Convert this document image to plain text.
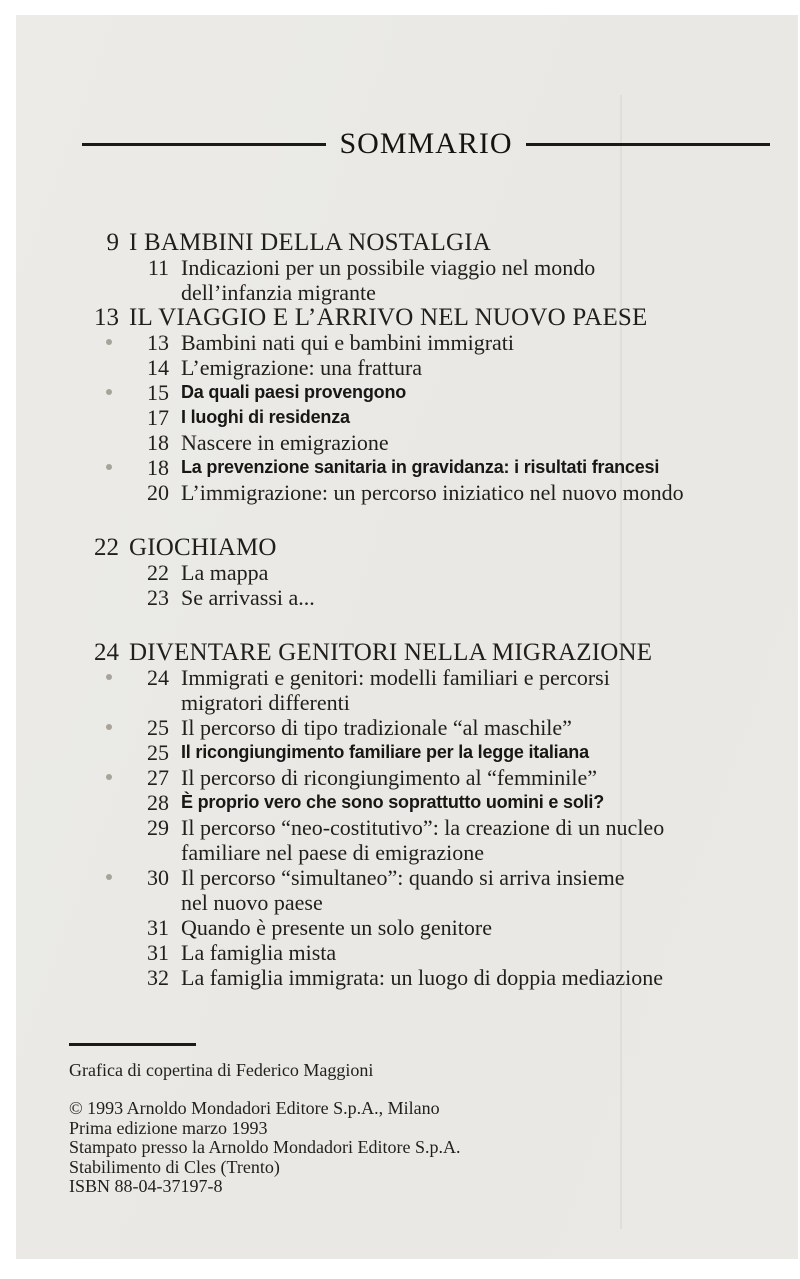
SOMMARIO
9 I BAMBINI DELLA NOSTALGIA
11 Indicazioni per un possibile viaggio nel mondo
dell’infanzia migrante
13 IL VIAGGIO E L’ARRIVO NEL NUOVO PAESE
13 Bambini nati qui e bambini immigrati
14 L’emigrazione: una frattura
15 Da quali paesi provengono
17 I luoghi di residenza
18 Nascere in emigrazione
18 La prevenzione sanitaria in gravidanza: i risultati francesi
20 L’immigrazione: un percorso iniziatico nel nuovo mondo
22 GIOCHIAMO
22 La mappa
23 Se arrivassi a...
24 DIVENTARE GENITORI NELLA MIGRAZIONE
24 Immigrati e genitori: modelli familiari e percorsi
migratori differenti
25 Il percorso di tipo tradizionale “al maschile”
25 Il ricongiungimento familiare per la legge italiana
27 Il percorso di ricongiungimento al “femminile”
28 È proprio vero che sono soprattutto uomini e soli?
29 Il percorso “neo-costitutivo”: la creazione di un nucleo
familiare nel paese di emigrazione
30 Il percorso “simultaneo”: quando si arriva insieme
nel nuovo paese
31 Quando è presente un solo genitore
31 La famiglia mista
32 La famiglia immigrata: un luogo di doppia mediazione

Grafica di copertina di Federico Maggioni

© 1993 Arnoldo Mondadori Editore S.p.A., Milano
Prima edizione marzo 1993
Stampato presso la Arnoldo Mondadori Editore S.p.A.
Stabilimento di Cles (Trento)
ISBN 88-04-37197-8
